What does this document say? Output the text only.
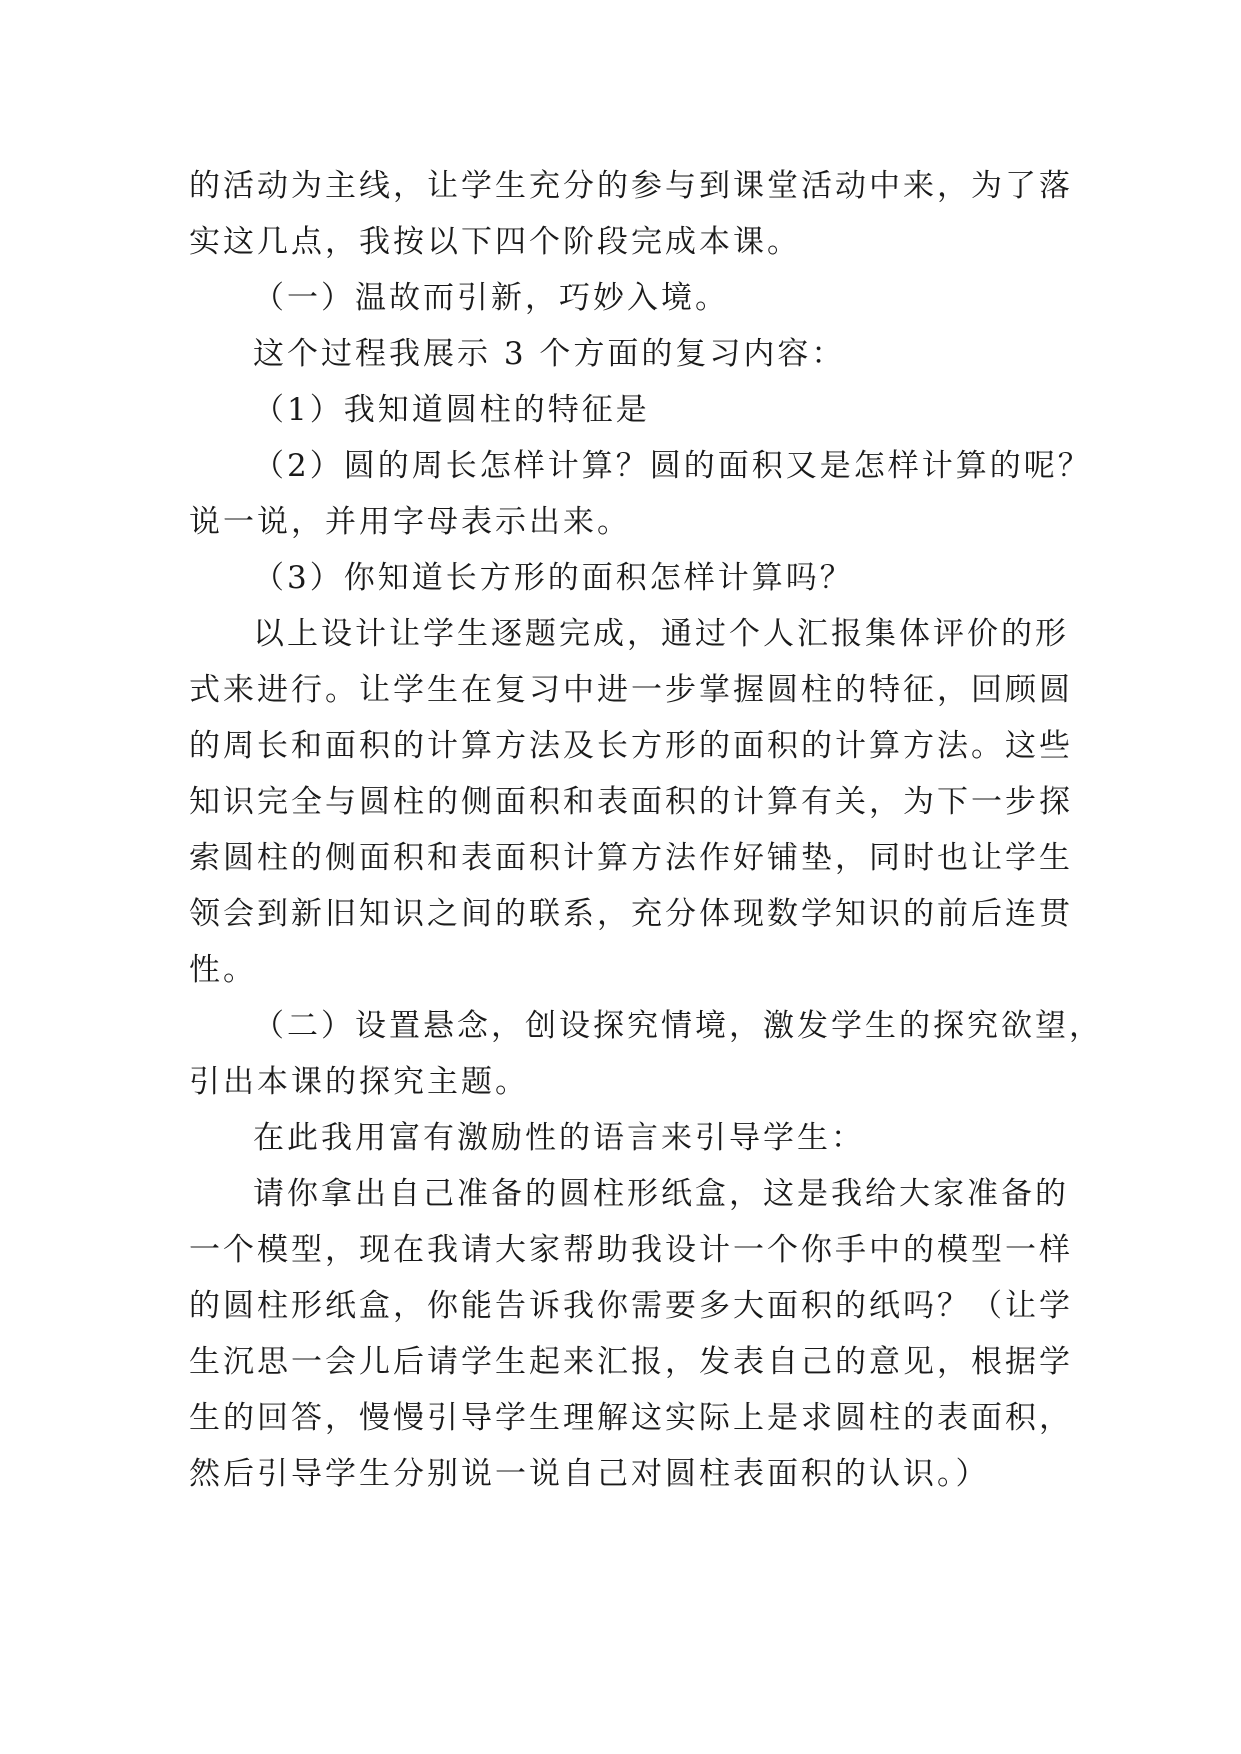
的活动为主线，让学生充分的参与到课堂活动中来，为了落
实这几点，我按以下四个阶段完成本课。
（一）温故而引新，巧妙入境。
这个过程我展示 3 个方面的复习内容：
（1）我知道圆柱的特征是
（2）圆的周长怎样计算？圆的面积又是怎样计算的呢？
说一说，并用字母表示出来。
（3）你知道长方形的面积怎样计算吗？
以上设计让学生逐题完成，通过个人汇报集体评价的形
式来进行。让学生在复习中进一步掌握圆柱的特征，回顾圆
的周长和面积的计算方法及长方形的面积的计算方法。这些
知识完全与圆柱的侧面积和表面积的计算有关，为下一步探
索圆柱的侧面积和表面积计算方法作好铺垫，同时也让学生
领会到新旧知识之间的联系，充分体现数学知识的前后连贯
性。
（二）设置悬念，创设探究情境，激发学生的探究欲望，
引出本课的探究主题。
在此我用富有激励性的语言来引导学生：
请你拿出自己准备的圆柱形纸盒，这是我给大家准备的
一个模型，现在我请大家帮助我设计一个你手中的模型一样
的圆柱形纸盒，你能告诉我你需要多大面积的纸吗？（让学
生沉思一会儿后请学生起来汇报，发表自己的意见，根据学
生的回答，慢慢引导学生理解这实际上是求圆柱的表面积，
然后引导学生分别说一说自己对圆柱表面积的认识。）
